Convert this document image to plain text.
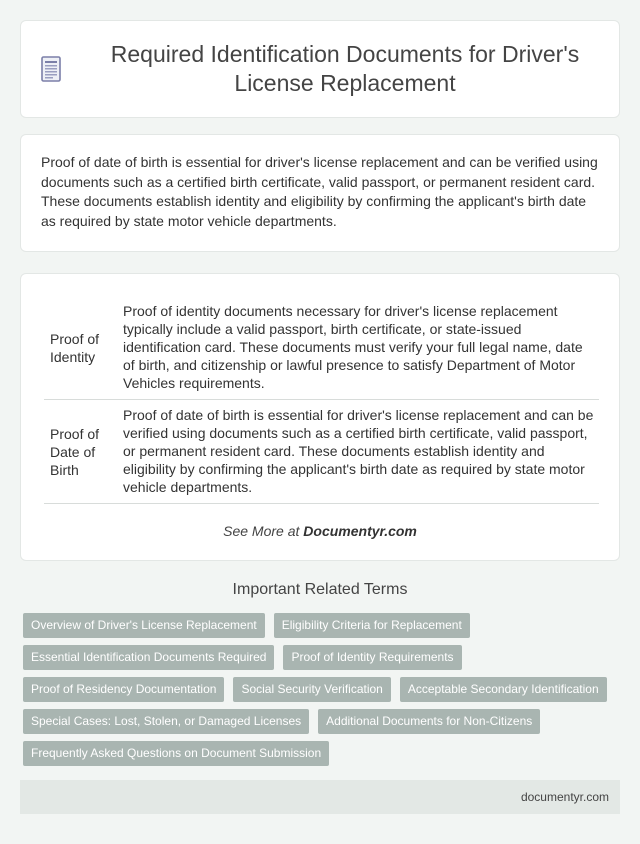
Required Identification Documents for Driver's License Replacement

Proof of date of birth is essential for driver's license replacement and can be verified using documents such as a certified birth certificate, valid passport, or permanent resident card. These documents establish identity and eligibility by confirming the applicant's birth date as required by state motor vehicle departments.

Proof of Identity	Proof of identity documents necessary for driver's license replacement typically include a valid passport, birth certificate, or state-issued identification card. These documents must verify your full legal name, date of birth, and citizenship or lawful presence to satisfy Department of Motor Vehicles requirements.
Proof of Date of Birth	Proof of date of birth is essential for driver's license replacement and can be verified using documents such as a certified birth certificate, valid passport, or permanent resident card. These documents establish identity and eligibility by confirming the applicant's birth date as required by state motor vehicle departments.
See More at Documentyr.com
Important Related Terms
Overview of Driver's License Replacement	Eligibility Criteria for Replacement
Essential Identification Documents Required	Proof of Identity Requirements
Proof of Residency Documentation	Social Security Verification	Acceptable Secondary Identification
Special Cases: Lost, Stolen, or Damaged Licenses	Additional Documents for Non-Citizens
Frequently Asked Questions on Document Submission
documentyr.com
